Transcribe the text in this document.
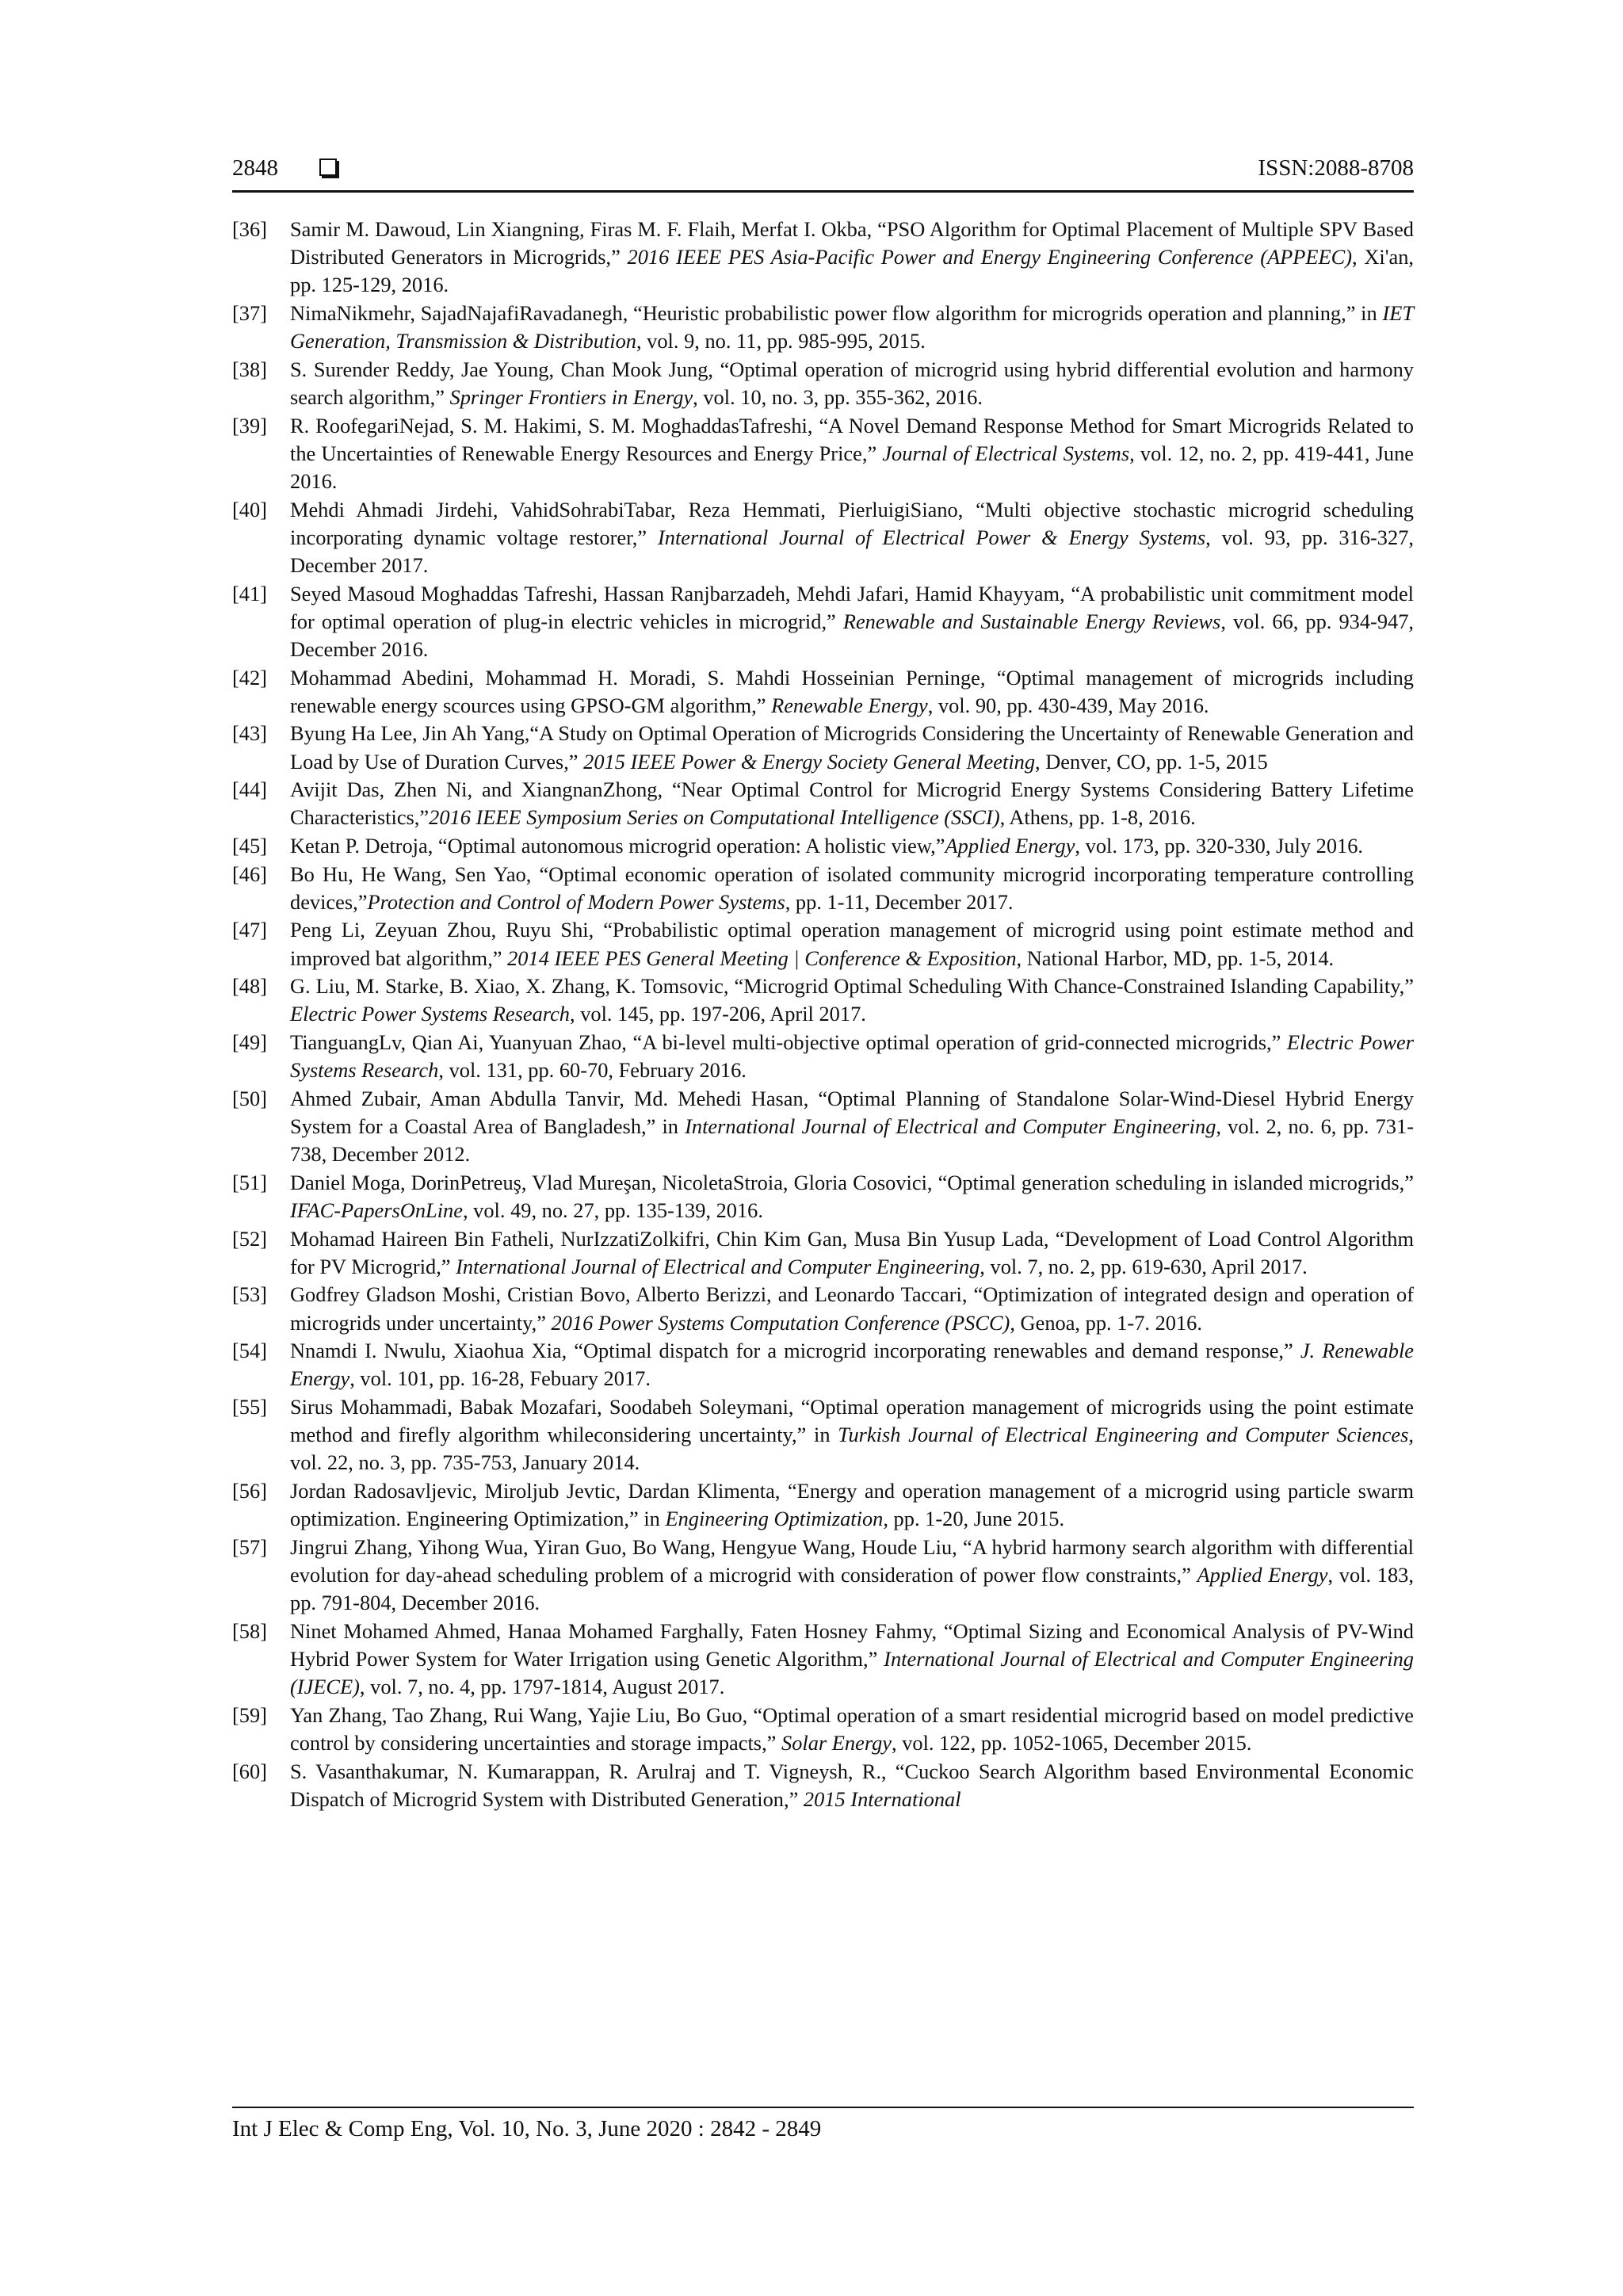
2848	ISSN:2088-8708
[36] Samir M. Dawoud, Lin Xiangning, Firas M. F. Flaih, Merfat I. Okba, “PSO Algorithm for Optimal Placement of Multiple SPV Based Distributed Generators in Microgrids,” 2016 IEEE PES Asia-Pacific Power and Energy Engineering Conference (APPEEC), Xi'an, pp. 125-129, 2016.
[37] NimaNikmehr, SajadNajafiRavadanegh, “Heuristic probabilistic power flow algorithm for microgrids operation and planning,” in IET Generation, Transmission & Distribution, vol. 9, no. 11, pp. 985-995, 2015.
[38] S. Surender Reddy, Jae Young, Chan Mook Jung, “Optimal operation of microgrid using hybrid differential evolution and harmony search algorithm,” Springer Frontiers in Energy, vol. 10, no. 3, pp. 355-362, 2016.
[39] R. RoofegariNejad, S. M. Hakimi, S. M. MoghaddasTafreshi, “A Novel Demand Response Method for Smart Microgrids Related to the Uncertainties of Renewable Energy Resources and Energy Price,” Journal of Electrical Systems, vol. 12, no. 2, pp. 419-441, June 2016.
[40] Mehdi Ahmadi Jirdehi, VahidSohrabiTabar, Reza Hemmati, PierluigiSiano, “Multi objective stochastic microgrid scheduling incorporating dynamic voltage restorer,” International Journal of Electrical Power & Energy Systems, vol. 93, pp. 316-327, December 2017.
[41] Seyed Masoud Moghaddas Tafreshi, Hassan Ranjbarzadeh, Mehdi Jafari, Hamid Khayyam, “A probabilistic unit commitment model for optimal operation of plug-in electric vehicles in microgrid,” Renewable and Sustainable Energy Reviews, vol. 66, pp. 934-947, December 2016.
[42] Mohammad Abedini, Mohammad H. Moradi, S. Mahdi Hosseinian Perninge, “Optimal management of microgrids including renewable energy scources using GPSO-GM algorithm,” Renewable Energy, vol. 90, pp. 430-439, May 2016.
[43] Byung Ha Lee, Jin Ah Yang,“A Study on Optimal Operation of Microgrids Considering the Uncertainty of Renewable Generation and Load by Use of Duration Curves,” 2015 IEEE Power & Energy Society General Meeting, Denver, CO, pp. 1-5, 2015
[44] Avijit Das, Zhen Ni, and XiangnanZhong, “Near Optimal Control for Microgrid Energy Systems Considering Battery Lifetime Characteristics,”2016 IEEE Symposium Series on Computational Intelligence (SSCI), Athens, pp. 1-8, 2016.
[45] Ketan P. Detroja, “Optimal autonomous microgrid operation: A holistic view,”Applied Energy, vol. 173, pp. 320-330, July 2016.
[46] Bo Hu, He Wang, Sen Yao, “Optimal economic operation of isolated community microgrid incorporating temperature controlling devices,”Protection and Control of Modern Power Systems, pp. 1-11, December 2017.
[47] Peng Li, Zeyuan Zhou, Ruyu Shi, “Probabilistic optimal operation management of microgrid using point estimate method and improved bat algorithm,” 2014 IEEE PES General Meeting | Conference & Exposition, National Harbor, MD, pp. 1-5, 2014.
[48] G. Liu, M. Starke, B. Xiao, X. Zhang, K. Tomsovic, “Microgrid Optimal Scheduling With Chance-Constrained Islanding Capability,” Electric Power Systems Research, vol. 145, pp. 197-206, April 2017.
[49] TianguangLv, Qian Ai, Yuanyuan Zhao, “A bi-level multi-objective optimal operation of grid-connected microgrids,” Electric Power Systems Research, vol. 131, pp. 60-70, February 2016.
[50] Ahmed Zubair, Aman Abdulla Tanvir, Md. Mehedi Hasan, “Optimal Planning of Standalone Solar-Wind-Diesel Hybrid Energy System for a Coastal Area of Bangladesh,” in International Journal of Electrical and Computer Engineering, vol. 2, no. 6, pp. 731-738, December 2012.
[51] Daniel Moga, DorinPetreuş, Vlad Mureşan, NicoletaStroia, Gloria Cosovici, “Optimal generation scheduling in islanded microgrids,” IFAC-PapersOnLine, vol. 49, no. 27, pp. 135-139, 2016.
[52] Mohamad Haireen Bin Fatheli, NurIzzatiZolkifri, Chin Kim Gan, Musa Bin Yusup Lada, “Development of Load Control Algorithm for PV Microgrid,” International Journal of Electrical and Computer Engineering, vol. 7, no. 2, pp. 619-630, April 2017.
[53] Godfrey Gladson Moshi, Cristian Bovo, Alberto Berizzi, and Leonardo Taccari, “Optimization of integrated design and operation of microgrids under uncertainty,” 2016 Power Systems Computation Conference (PSCC), Genoa, pp. 1-7. 2016.
[54] Nnamdi I. Nwulu, Xiaohua Xia, “Optimal dispatch for a microgrid incorporating renewables and demand response,” J. Renewable Energy, vol. 101, pp. 16-28, Febuary 2017.
[55] Sirus Mohammadi, Babak Mozafari, Soodabeh Soleymani, “Optimal operation management of microgrids using the point estimate method and firefly algorithm whileconsidering uncertainty,” in Turkish Journal of Electrical Engineering and Computer Sciences, vol. 22, no. 3, pp. 735-753, January 2014.
[56] Jordan Radosavljevic, Miroljub Jevtic, Dardan Klimenta, “Energy and operation management of a microgrid using particle swarm optimization. Engineering Optimization,” in Engineering Optimization, pp. 1-20, June 2015.
[57] Jingrui Zhang, Yihong Wua, Yiran Guo, Bo Wang, Hengyue Wang, Houde Liu, “A hybrid harmony search algorithm with differential evolution for day-ahead scheduling problem of a microgrid with consideration of power flow constraints,” Applied Energy, vol. 183, pp. 791-804, December 2016.
[58] Ninet Mohamed Ahmed, Hanaa Mohamed Farghally, Faten Hosney Fahmy, “Optimal Sizing and Economical Analysis of PV-Wind Hybrid Power System for Water Irrigation using Genetic Algorithm,” International Journal of Electrical and Computer Engineering (IJECE), vol. 7, no. 4, pp. 1797-1814, August 2017.
[59] Yan Zhang, Tao Zhang, Rui Wang, Yajie Liu, Bo Guo, “Optimal operation of a smart residential microgrid based on model predictive control by considering uncertainties and storage impacts,” Solar Energy, vol. 122, pp. 1052-1065, December 2015.
[60] S. Vasanthakumar, N. Kumarappan, R. Arulraj and T. Vigneysh, R., “Cuckoo Search Algorithm based Environmental Economic Dispatch of Microgrid System with Distributed Generation,” 2015 International
Int J Elec & Comp Eng, Vol. 10, No. 3, June 2020 : 2842 - 2849
